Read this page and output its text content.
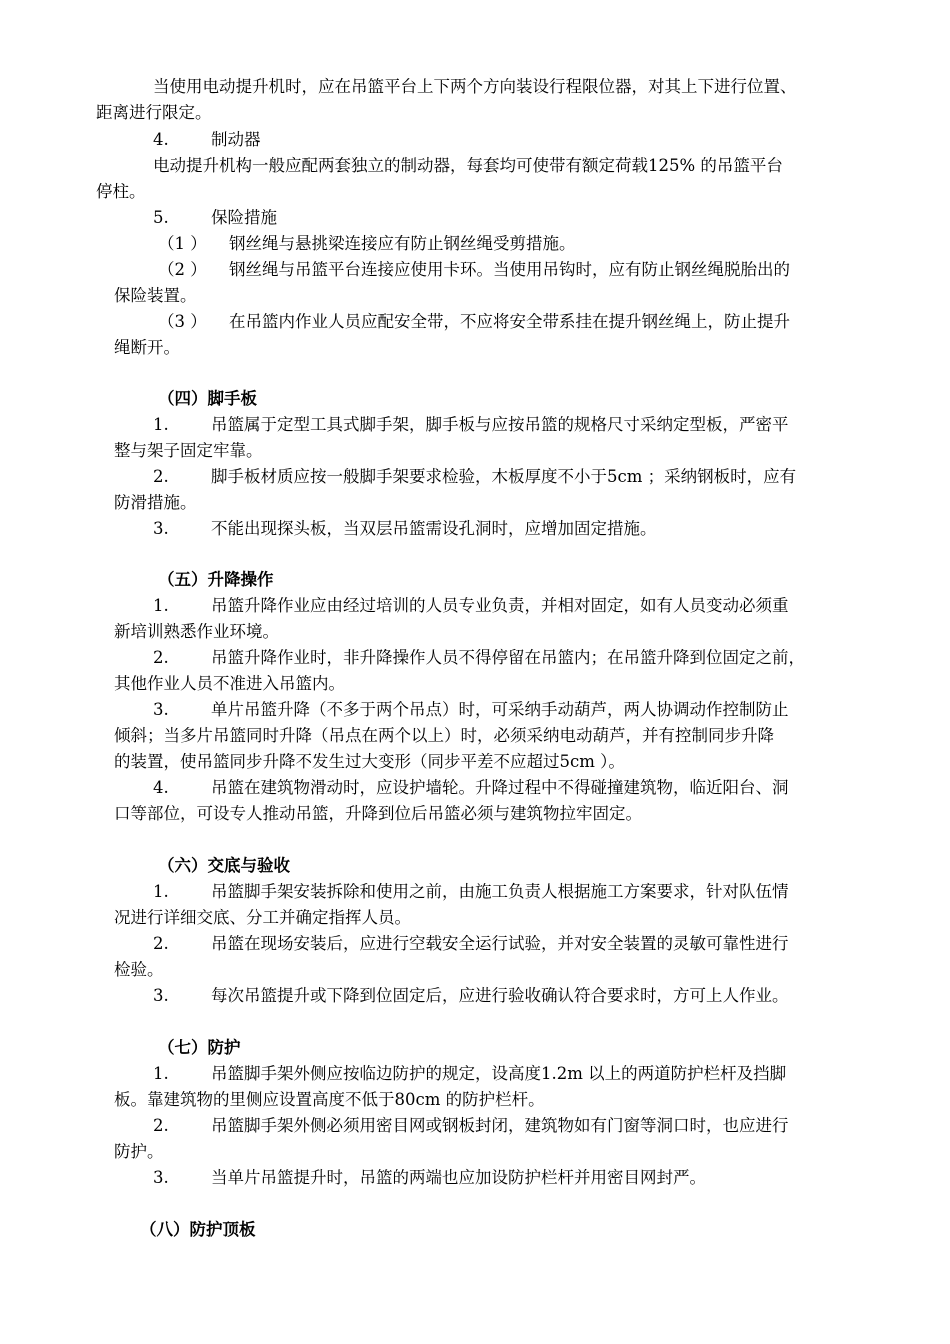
当使用电动提升机时，应在吊篮平台上下两个方向装设行程限位器，对其上下进行位置、
距离进行限定。
4.	制动器
电动提升机构一般应配两套独立的制动器，每套均可使带有额定荷载125% 的吊篮平台
停柱。
5.	保险措施
（1 ） 钢丝绳与悬挑梁连接应有防止钢丝绳受剪措施。
（2 ） 钢丝绳与吊篮平台连接应使用卡环。当使用吊钩时，应有防止钢丝绳脱胎出的
保险装置。
（3 ） 在吊篮内作业人员应配安全带，不应将安全带系挂在提升钢丝绳上，防止提升
绳断开。
（四）脚手板
1.	吊篮属于定型工具式脚手架，脚手板与应按吊篮的规格尺寸采纳定型板，严密平
整与架子固定牢靠。
2.	脚手板材质应按一般脚手架要求检验，木板厚度不小于5cm ；采纳钢板时，应有
防滑措施。
3.	不能出现探头板，当双层吊篮需设孔洞时，应增加固定措施。
（五）升降操作
1.	吊篮升降作业应由经过培训的人员专业负责，并相对固定，如有人员变动必须重
新培训熟悉作业环境。
2.	吊篮升降作业时，非升降操作人员不得停留在吊篮内；在吊篮升降到位固定之前，
其他作业人员不准进入吊篮内。
3.	单片吊篮升降（不多于两个吊点）时，可采纳手动葫芦，两人协调动作控制防止
倾斜；当多片吊篮同时升降（吊点在两个以上）时，必须采纳电动葫芦，并有控制同步升降
的装置，使吊篮同步升降不发生过大变形（同步平差不应超过5cm ）。
4.	吊篮在建筑物滑动时，应设护墙轮。升降过程中不得碰撞建筑物，临近阳台、洞
口等部位，可设专人推动吊篮，升降到位后吊篮必须与建筑物拉牢固定。
（六）交底与验收
1.	吊篮脚手架安装拆除和使用之前，由施工负责人根据施工方案要求，针对队伍情
况进行详细交底、分工并确定指挥人员。
2.	吊篮在现场安装后，应进行空载安全运行试验，并对安全装置的灵敏可靠性进行
检验。
3.	每次吊篮提升或下降到位固定后，应进行验收确认符合要求时，方可上人作业。
（七）防护
1.	吊篮脚手架外侧应按临边防护的规定，设高度1.2m 以上的两道防护栏杆及挡脚
板。靠建筑物的里侧应设置高度不低于80cm 的防护栏杆。
2.	吊篮脚手架外侧必须用密目网或钢板封闭，建筑物如有门窗等洞口时，也应进行
防护。
3.	当单片吊篮提升时，吊篮的两端也应加设防护栏杆并用密目网封严。
（八）防护顶板
